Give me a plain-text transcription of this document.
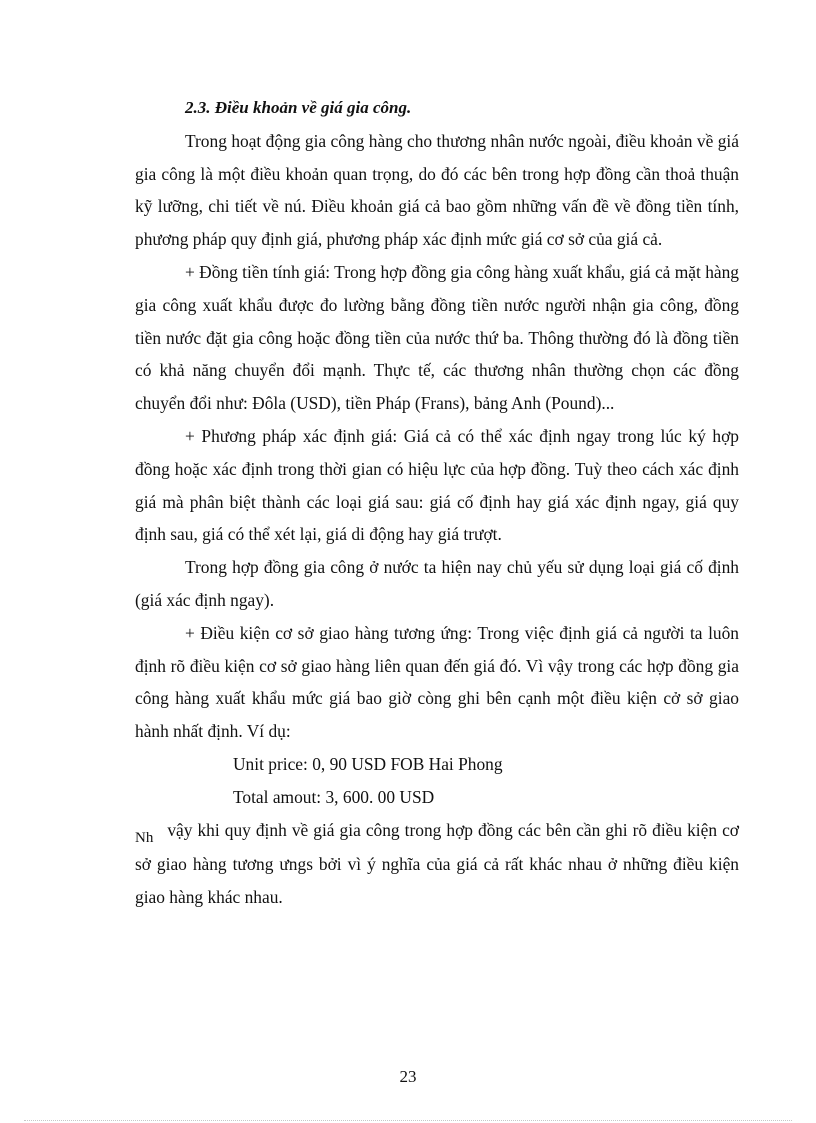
2.3. Điều khoản về giá gia công.

Trong hoạt động gia công hàng cho thương nhân nước ngoài, điều khoản về giá gia công là một điều khoản quan trọng, do đó các bên trong hợp đồng cần thoả thuận kỹ lưỡng, chi tiết về nú. Điều khoản giá cả bao gồm những vấn đề về đồng tiền tính, phương pháp quy định giá, phương pháp xác định mức giá cơ sở của giá cả.

+ Đồng tiền tính giá: Trong hợp đồng gia công hàng xuất khẩu, giá cả mặt hàng gia công xuất khẩu được đo lường bằng đồng tiền nước người nhận gia công, đồng tiền nước đặt gia công hoặc đồng tiền của nước thứ ba. Thông thường đó là đồng tiền có khả năng chuyển đổi mạnh. Thực tế, các thương nhân thường chọn các đồng chuyển đổi như: Đôla (USD), tiền Pháp (Frans), bảng Anh (Pound)...

+ Phương pháp xác định giá: Giá cả có thể xác định ngay trong lúc ký hợp đồng hoặc xác định trong thời gian có hiệu lực của hợp đồng. Tuỳ theo cách xác định giá mà phân biệt thành các loại giá sau: giá cố định hay giá xác định ngay, giá quy định sau, giá có thể xét lại, giá di động hay giá trượt.

Trong hợp đồng gia công ở nước ta hiện nay chủ yếu sử dụng loại giá cố định (giá xác định ngay).

+ Điều kiện cơ sở giao hàng tương ứng: Trong việc định giá cả người ta luôn định rõ điều kiện cơ sở giao hàng liên quan đến giá đó. Vì vậy trong các hợp đồng gia công hàng xuất khẩu mức giá bao giờ còng ghi bên cạnh một điều kiện cở sở giao hành nhất định. Ví dụ:

Unit price: 0, 90 USD FOB Hai Phong

Total amout: 3, 600. 00 USD

Nh vậy khi quy định về giá gia công trong hợp đồng các bên cần ghi rõ điều kiện cơ sở giao hàng tương ưngs bởi vì ý nghĩa của giá cả rất khác nhau ở những điều kiện giao hàng khác nhau.

23
